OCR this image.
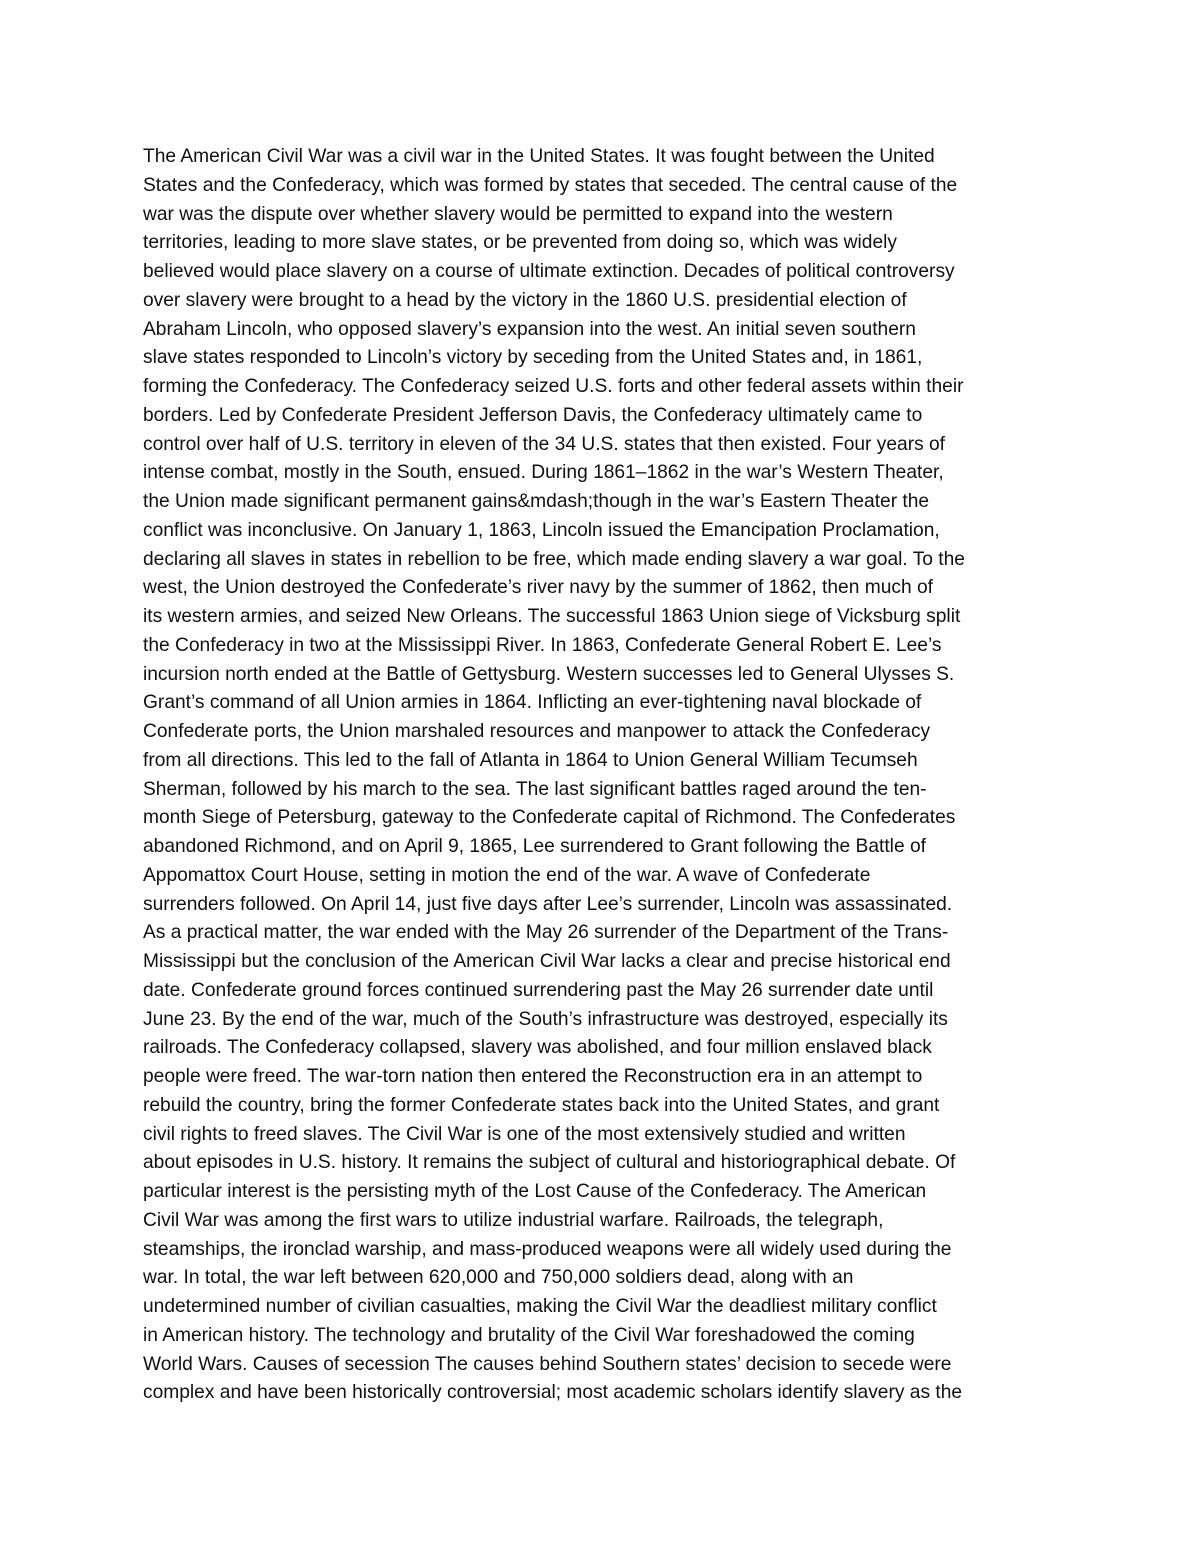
The American Civil War was a civil war in the United States. It was fought between the United
States and the Confederacy, which was formed by states that seceded. The central cause of the
war was the dispute over whether slavery would be permitted to expand into the western
territories, leading to more slave states, or be prevented from doing so, which was widely
believed would place slavery on a course of ultimate extinction. Decades of political controversy
over slavery were brought to a head by the victory in the 1860 U.S. presidential election of
Abraham Lincoln, who opposed slavery’s expansion into the west. An initial seven southern
slave states responded to Lincoln’s victory by seceding from the United States and, in 1861,
forming the Confederacy. The Confederacy seized U.S. forts and other federal assets within their
borders. Led by Confederate President Jefferson Davis, the Confederacy ultimately came to
control over half of U.S. territory in eleven of the 34 U.S. states that then existed. Four years of
intense combat, mostly in the South, ensued. During 1861–1862 in the war’s Western Theater,
the Union made significant permanent gains&mdash;though in the war’s Eastern Theater the
conflict was inconclusive. On January 1, 1863, Lincoln issued the Emancipation Proclamation,
declaring all slaves in states in rebellion to be free, which made ending slavery a war goal. To the
west, the Union destroyed the Confederate’s river navy by the summer of 1862, then much of
its western armies, and seized New Orleans. The successful 1863 Union siege of Vicksburg split
the Confederacy in two at the Mississippi River. In 1863, Confederate General Robert E. Lee’s
incursion north ended at the Battle of Gettysburg. Western successes led to General Ulysses S.
Grant’s command of all Union armies in 1864. Inflicting an ever-tightening naval blockade of
Confederate ports, the Union marshaled resources and manpower to attack the Confederacy
from all directions. This led to the fall of Atlanta in 1864 to Union General William Tecumseh
Sherman, followed by his march to the sea. The last significant battles raged around the ten-
month Siege of Petersburg, gateway to the Confederate capital of Richmond. The Confederates
abandoned Richmond, and on April 9, 1865, Lee surrendered to Grant following the Battle of
Appomattox Court House, setting in motion the end of the war. A wave of Confederate
surrenders followed. On April 14, just five days after Lee’s surrender, Lincoln was assassinated.
As a practical matter, the war ended with the May 26 surrender of the Department of the Trans-
Mississippi but the conclusion of the American Civil War lacks a clear and precise historical end
date. Confederate ground forces continued surrendering past the May 26 surrender date until
June 23. By the end of the war, much of the South’s infrastructure was destroyed, especially its
railroads. The Confederacy collapsed, slavery was abolished, and four million enslaved black
people were freed. The war-torn nation then entered the Reconstruction era in an attempt to
rebuild the country, bring the former Confederate states back into the United States, and grant
civil rights to freed slaves. The Civil War is one of the most extensively studied and written
about episodes in U.S. history. It remains the subject of cultural and historiographical debate. Of
particular interest is the persisting myth of the Lost Cause of the Confederacy. The American
Civil War was among the first wars to utilize industrial warfare. Railroads, the telegraph,
steamships, the ironclad warship, and mass-produced weapons were all widely used during the
war. In total, the war left between 620,000 and 750,000 soldiers dead, along with an
undetermined number of civilian casualties, making the Civil War the deadliest military conflict
in American history. The technology and brutality of the Civil War foreshadowed the coming
World Wars. Causes of secession The causes behind Southern states’ decision to secede were
complex and have been historically controversial; most academic scholars identify slavery as the
